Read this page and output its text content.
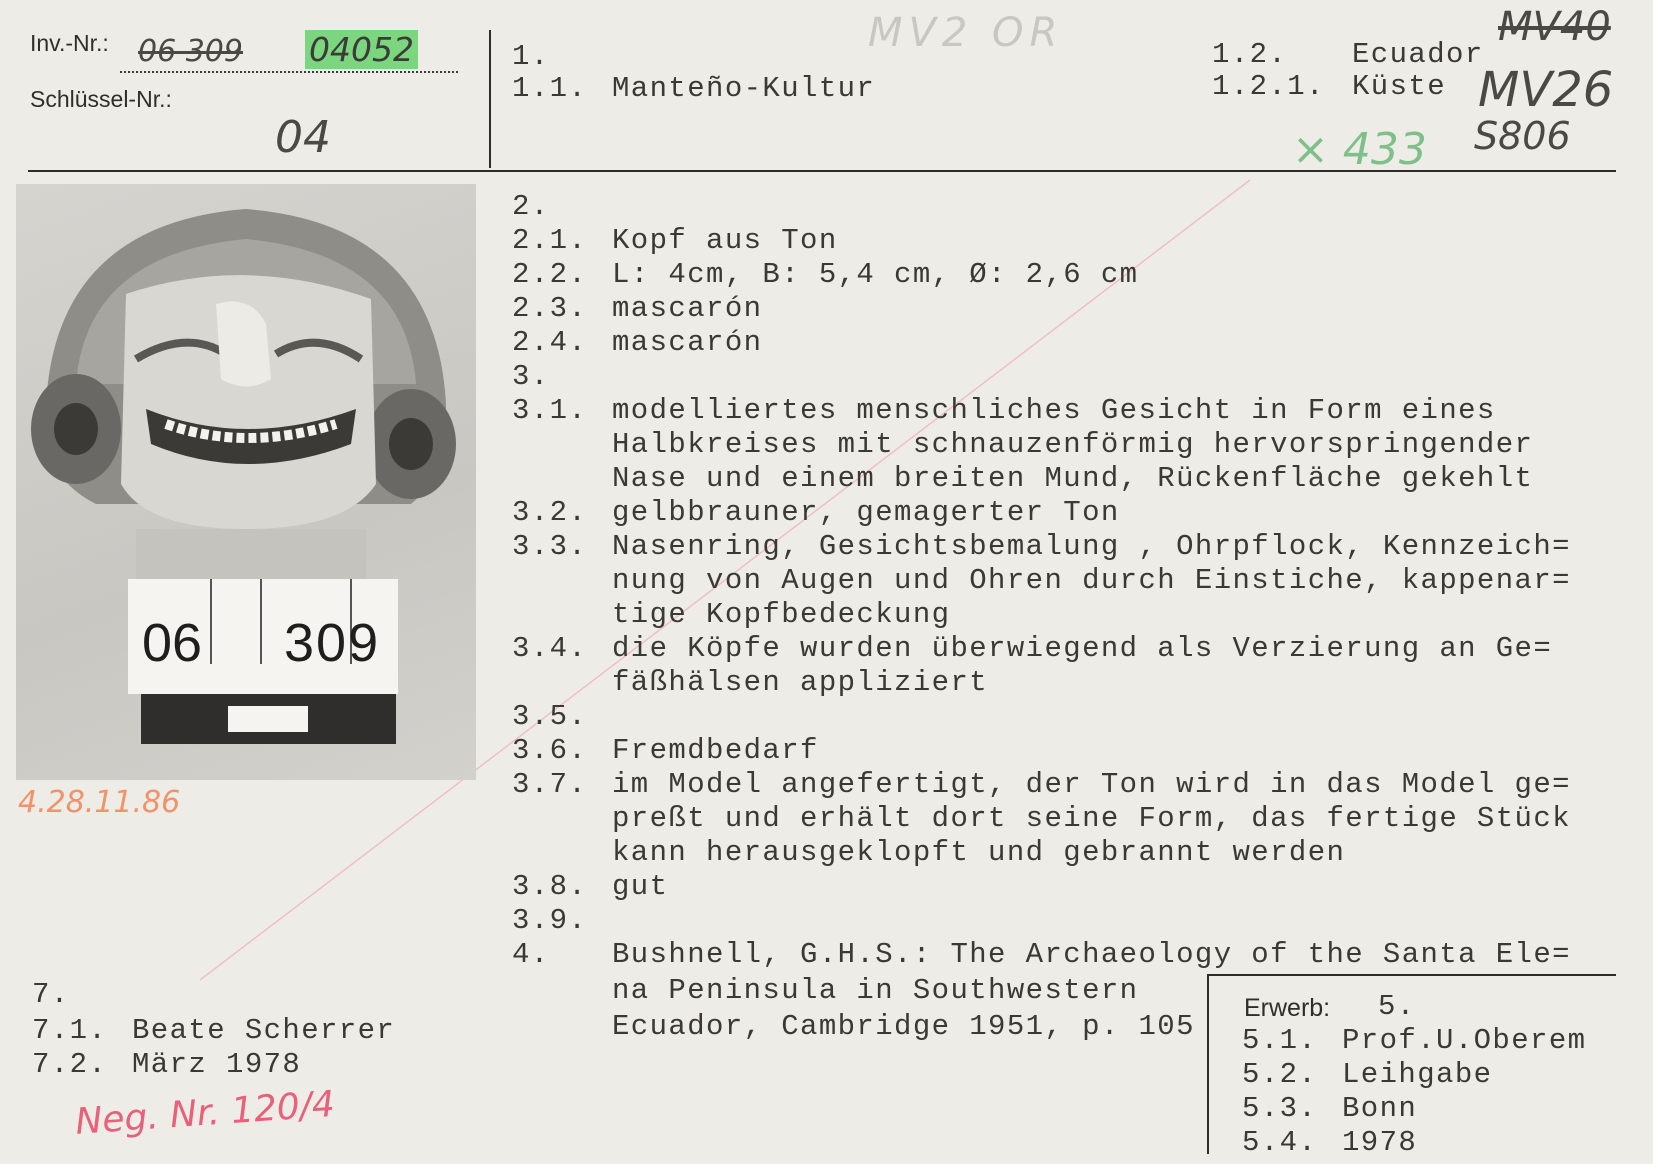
Inv.-Nr.: 06 309 04052
Schlüssel-Nr.:
04
MV2 OR
1.
1.1. Manteño-Kultur
1.2. Ecuador
1.2.1. Küste
MV40
MV26
× 433 S806
06 309
4.28.11.86
2.
2.1. Kopf aus Ton
2.2. L: 4cm, B: 5,4 cm, Ø: 2,6 cm
2.3. mascarón
2.4. mascarón
3.
3.1. modelliertes menschliches Gesicht in Form eines
Halbkreises mit schnauzenförmig hervorspringender
Nase und einem breiten Mund, Rückenfläche gekehlt
3.2. gelbbrauner, gemagerter Ton
3.3. Nasenring, Gesichtsbemalung , Ohrpflock, Kennzeich=
nung von Augen und Ohren durch Einstiche, kappenar=
tige Kopfbedeckung
3.4. die Köpfe wurden überwiegend als Verzierung an Ge=
fäßhälsen appliziert
3.5.
3.6. Fremdbedarf
3.7. im Model angefertigt, der Ton wird in das Model ge=
preßt und erhält dort seine Form, das fertige Stück
kann herausgeklopft und gebrannt werden
3.8. gut
3.9.
4. Bushnell, G.H.S.: The Archaeology of the Santa Ele=
na Peninsula in Southwestern
Ecuador, Cambridge 1951, p. 105
7.
7.1. Beate Scherrer
7.2. März 1978
Neg. Nr. 120/4
Erwerb: 5.
5.1. Prof.U.Oberem
5.2. Leihgabe
5.3. Bonn
5.4. 1978
